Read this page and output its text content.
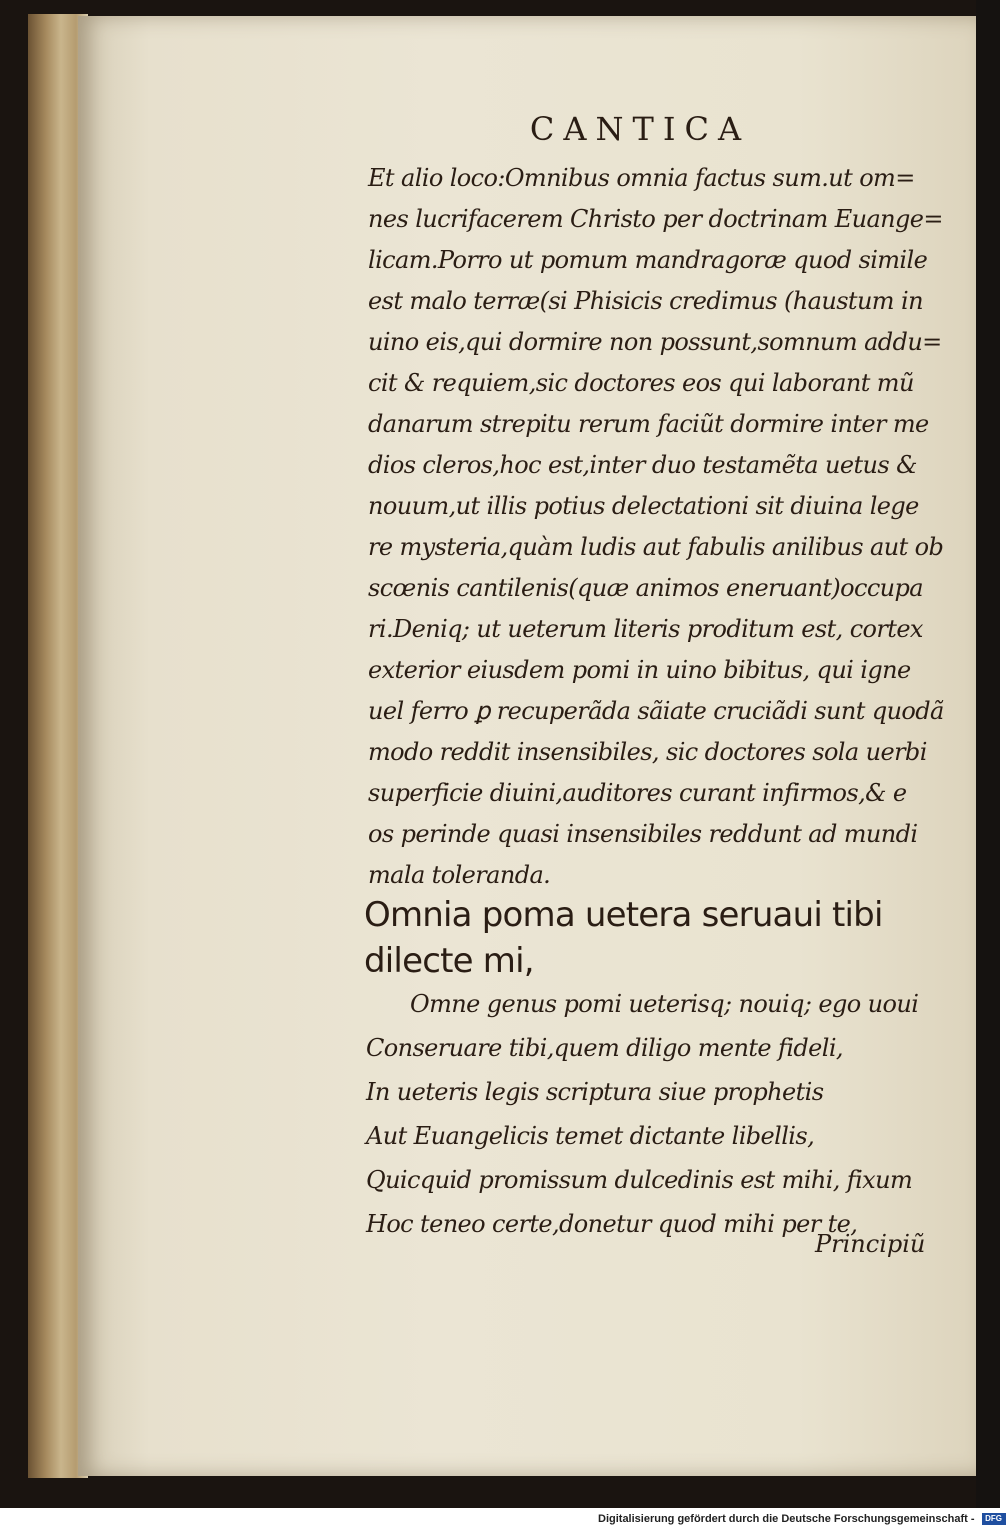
CANTICA
Et alio loco:Omnibus omnia factus sum.ut om=
nes lucrifacerem Christo per doctrinam Euange=
licam.Porro ut pomum mandragorӕ quod simile
est malo terrӕ(si Phisicis credimus (haustum in
uino eis,qui dormire non possunt,somnum addu=
cit & requiem,sic doctores eos qui laborant mũ
danarum strepitu rerum faciũt dormire inter me
dios cleros,hoc est,inter duo testamẽta uetus &
nouum,ut illis potius delectationi sit diuina lege
re mysteria,quàm ludis aut fabulis anilibus aut ob
scœnis cantilenis(quӕ animos eneruant)occupa
ri.Deniq; ut ueterum literis proditum est, cortex
exterior eiusdem pomi in uino bibitus, qui igne
uel ferro ꝑ recuperãda sãiate cruciãdi sunt quodã
modo reddit insensibiles, sic doctores sola uerbi
superficie diuini,auditores curant infirmos,& e
os perinde quasi insensibiles reddunt ad mundi
mala toleranda.
Omnia poma uetera seruaui tibi
dilecte mi,
Omne genus pomi ueterisq; nouiq; ego uoui
Conseruare tibi,quem diligo mente fideli,
In ueteris legis scriptura siue prophetis
Aut Euangelicis temet dictante libellis,
Quicquid promissum dulcedinis est mihi, fixum
Hoc teneo certe,donetur quod mihi per te,
Principiũ
Digitalisierung gefördert durch die Deutsche Forschungsgemeinschaft - DFG
